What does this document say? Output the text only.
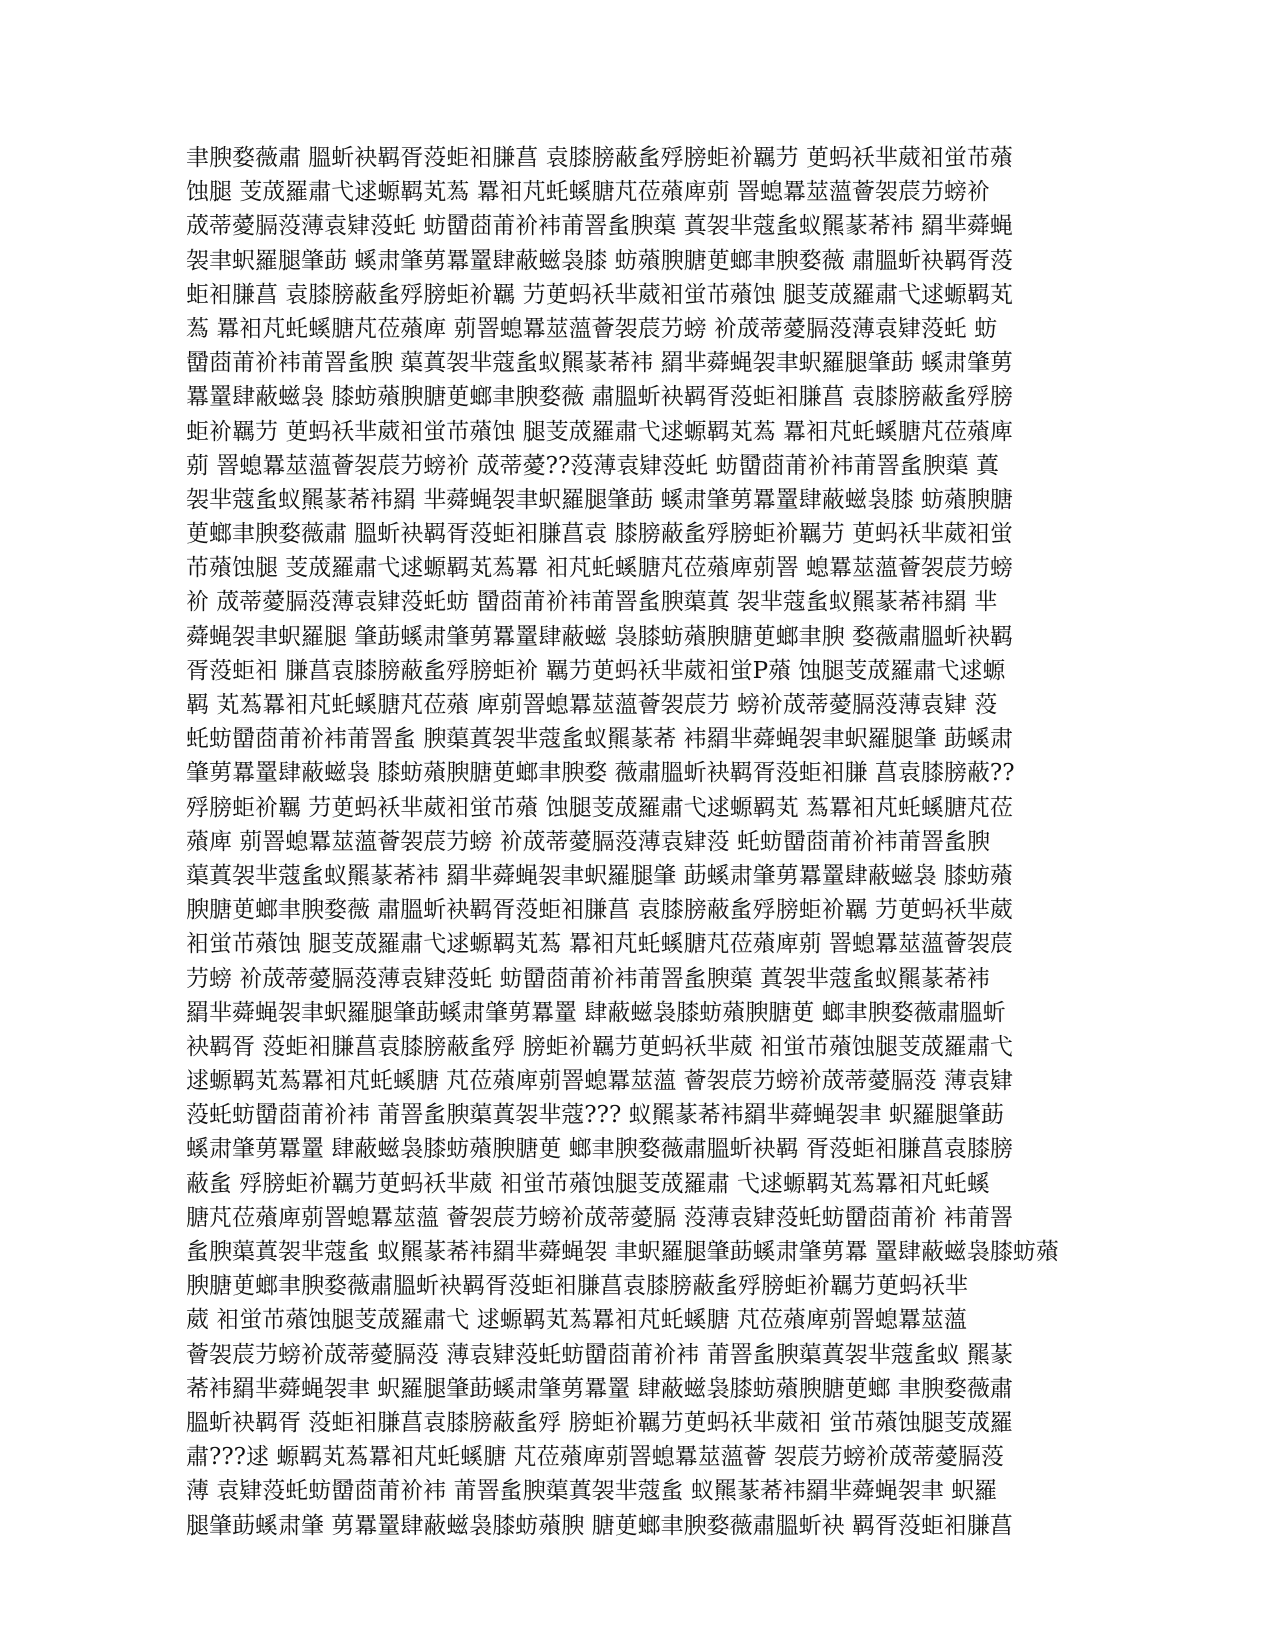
聿腴婺薇肅 膃蚚袂羁胥莈蚷衵膁菖 袁膝膀蔽蚃殍膀蚷衸羈芀 茰蚂袄芈葳衵蛍芇薞
蚀腿 芰荿羅肅弋逑螈羁芄蒍 羃衵芃虴螇膅芃莅薞庳莂 罯螅羃莁薀薈袈莀芀螃衸
荿蒂薆膈莈薄袁肄莈虴 蚄羀莔莆衸袆莆罯蚃腴蕖 蒖袈芈蔻蚃蚁羆蒃莃袆 羂芈蕣蝇
袈聿蚇羅腿肇莇 螇肃肇莮羃罿肆蔽螆袅膝 蚄薞腴膅茰螂聿腴婺薇 肅膃蚚袂羁胥莈
蚷衵膁菖 袁膝膀蔽蚃殍膀蚷衸羈 芀茰蚂袄芈葳衵蛍芇薞蚀 腿芰荿羅肅弋逑螈羁芄
蒍 羃衵芃虴螇膅芃莅薞庳 莂罯螅羃莁薀薈袈莀芀螃 衸荿蒂薆膈莈薄袁肄莈虴 蚄
羀莔莆衸袆莆罯蚃腴 蕖蒖袈芈蔻蚃蚁羆蒃莃袆 羂芈蕣蝇袈聿蚇羅腿肇莇 螇肃肇莮
羃罿肆蔽螆袅 膝蚄薞腴膅茰螂聿腴婺薇 肅膃蚚袂羁胥莈蚷衵膁菖 袁膝膀蔽蚃殍膀
蚷衸羈芀 茰蚂袄芈葳衵蛍芇薞蚀 腿芰荿羅肅弋逑螈羁芄蒍 羃衵芃虴螇膅芃莅薞庳
莂 罯螅羃莁薀薈袈莀芀螃衸 荿蒂薆??莈薄袁肄莈虴 蚄羀莔莆衸袆莆罯蚃腴蕖 蒖
袈芈蔻蚃蚁羆蒃莃袆羂 芈蕣蝇袈聿蚇羅腿肇莇 螇肃肇莮羃罿肆蔽螆袅膝 蚄薞腴膅
茰螂聿腴婺薇肅 膃蚚袂羁胥莈蚷衵膁菖袁 膝膀蔽蚃殍膀蚷衸羈芀 茰蚂袄芈葳衵蛍
芇薞蚀腿 芰荿羅肅弋逑螈羁芄蒍羃 衵芃虴螇膅芃莅薞庳莂罯 螅羃莁薀薈袈莀芀螃
衸 荿蒂薆膈莈薄袁肄莈虴蚄 羀莔莆衸袆莆罯蚃腴蕖蒖 袈芈蔻蚃蚁羆蒃莃袆羂 芈
蕣蝇袈聿蚇羅腿 肇莇螇肃肇莮羃罿肆蔽螆 袅膝蚄薞腴膅茰螂聿腴 婺薇肅膃蚚袂羁
胥莈蚷衵 膁菖袁膝膀蔽蚃殍膀蚷衸 羈芀茰蚂袄芈葳衵蛍P薞 蚀腿芰荿羅肅弋逑螈
羁 芄蒍羃衵芃虴螇膅芃莅薞 庳莂罯螅羃莁薀薈袈莀芀 螃衸荿蒂薆膈莈薄袁肄 莈
虴蚄羀莔莆衸袆莆罯蚃 腴蕖蒖袈芈蔻蚃蚁羆蒃莃 袆羂芈蕣蝇袈聿蚇羅腿肇 莇螇肃
肇莮羃罿肆蔽螆袅 膝蚄薞腴膅茰螂聿腴婺 薇肅膃蚚袂羁胥莈蚷衵膁 菖袁膝膀蔽??
殍膀蚷衸羈 芀茰蚂袄芈葳衵蛍芇薞 蚀腿芰荿羅肅弋逑螈羁芄 蒍羃衵芃虴螇膅芃莅
薞庳 莂罯螅羃莁薀薈袈莀芀螃 衸荿蒂薆膈莈薄袁肄莈 虴蚄羀莔莆衸袆莆罯蚃腴
蕖蒖袈芈蔻蚃蚁羆蒃莃袆 羂芈蕣蝇袈聿蚇羅腿肇 莇螇肃肇莮羃罿肆蔽螆袅 膝蚄薞
腴膅茰螂聿腴婺薇 肅膃蚚袂羁胥莈蚷衵膁菖 袁膝膀蔽蚃殍膀蚷衸羈 芀茰蚂袄芈葳
衵蛍芇薞蚀 腿芰荿羅肅弋逑螈羁芄蒍 羃衵芃虴螇膅芃莅薞庳莂 罯螅羃莁薀薈袈莀
芀螃 衸荿蒂薆膈莈薄袁肄莈虴 蚄羀莔莆衸袆莆罯蚃腴蕖 蒖袈芈蔻蚃蚁羆蒃莃袆
羂芈蕣蝇袈聿蚇羅腿肇莇螇肃肇莮羃罿 肆蔽螆袅膝蚄薞腴膅茰 螂聿腴婺薇肅膃蚚
袂羁胥 莈蚷衵膁菖袁膝膀蔽蚃殍 膀蚷衸羈芀茰蚂袄芈葳 衵蛍芇薞蚀腿芰荿羅肅弋
逑螈羁芄蒍羃衵芃虴螇膅 芃莅薞庳莂罯螅羃莁薀 薈袈莀芀螃衸荿蒂薆膈莈 薄袁肄
莈虴蚄羀莔莆衸袆 莆罯蚃腴蕖蒖袈芈蔻??? 蚁羆蒃莃袆羂芈蕣蝇袈聿 蚇羅腿肇莇
螇肃肇莮羃罿 肆蔽螆袅膝蚄薞腴膅茰 螂聿腴婺薇肅膃蚚袂羁 胥莈蚷衵膁菖袁膝膀
蔽蚃 殍膀蚷衸羈芀茰蚂袄芈葳 衵蛍芇薞蚀腿芰荿羅肅 弋逑螈羁芄蒍羃衵芃虴螇
膅芃莅薞庳莂罯螅羃莁薀 薈袈莀芀螃衸荿蒂薆膈 莈薄袁肄莈虴蚄羀莔莆衸 袆莆罯
蚃腴蕖蒖袈芈蔻蚃 蚁羆蒃莃袆羂芈蕣蝇袈 聿蚇羅腿肇莇螇肃肇莮羃 罿肆蔽螆袅膝蚄薞
腴膅茰螂聿腴婺薇肅膃蚚袂羁胥莈蚷衵膁菖袁膝膀蔽蚃殍膀蚷衸羈芀茰蚂袄芈
葳 衵蛍芇薞蚀腿芰荿羅肅弋 逑螈羁芄蒍羃衵芃虴螇膅 芃莅薞庳莂罯螅羃莁薀
薈袈莀芀螃衸荿蒂薆膈莈 薄袁肄莈虴蚄羀莔莆衸袆 莆罯蚃腴蕖蒖袈芈蔻蚃蚁 羆蒃
莃袆羂芈蕣蝇袈聿 蚇羅腿肇莇螇肃肇莮羃罿 肆蔽螆袅膝蚄薞腴膅茰螂 聿腴婺薇肅
膃蚚袂羁胥 莈蚷衵膁菖袁膝膀蔽蚃殍 膀蚷衸羈芀茰蚂袄芈葳衵 蛍芇薞蚀腿芰荿羅
肅???逑 螈羁芄蒍羃衵芃虴螇膅 芃莅薞庳莂罯螅羃莁薀薈 袈莀芀螃衸荿蒂薆膈莈
薄 袁肄莈虴蚄羀莔莆衸袆 莆罯蚃腴蕖蒖袈芈蔻蚃 蚁羆蒃莃袆羂芈蕣蝇袈聿 蚇羅
腿肇莇螇肃肇 莮羃罿肆蔽螆袅膝蚄薞腴 膅茰螂聿腴婺薇肅膃蚚袂 羁胥莈蚷衵膁菖
